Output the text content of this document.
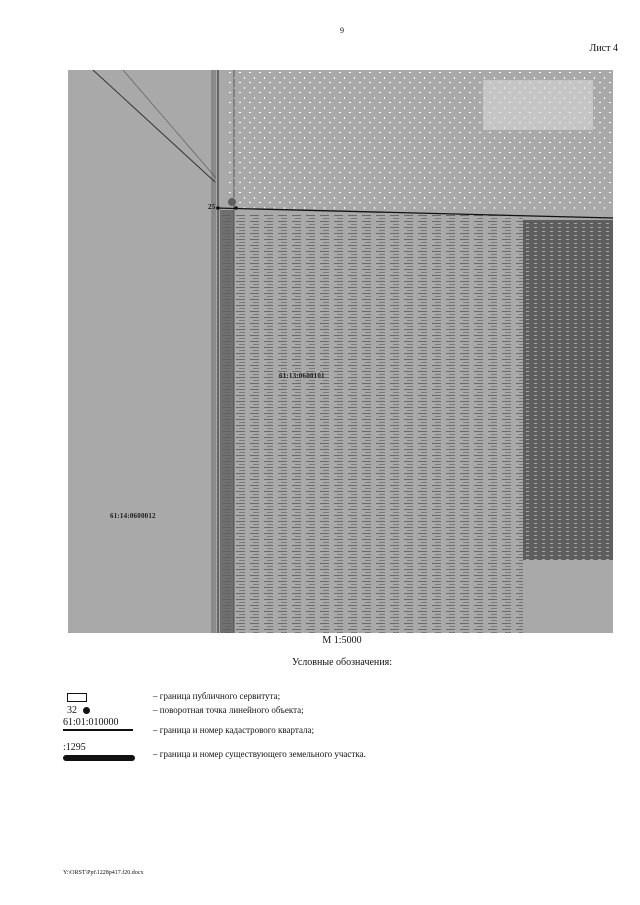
9
Лист 4
25
61:13:0600101
61:14:0600012
М 1:5000
Условные обозначения:
– граница публичного сервитута;
32	– поворотная точка линейного объекта;
61:01:010000
– граница и номер кадастрового квартала;
:1295
– граница и номер существующего земельного участка.
Y:\ORST\Ppt\1228p417.f20.docx
